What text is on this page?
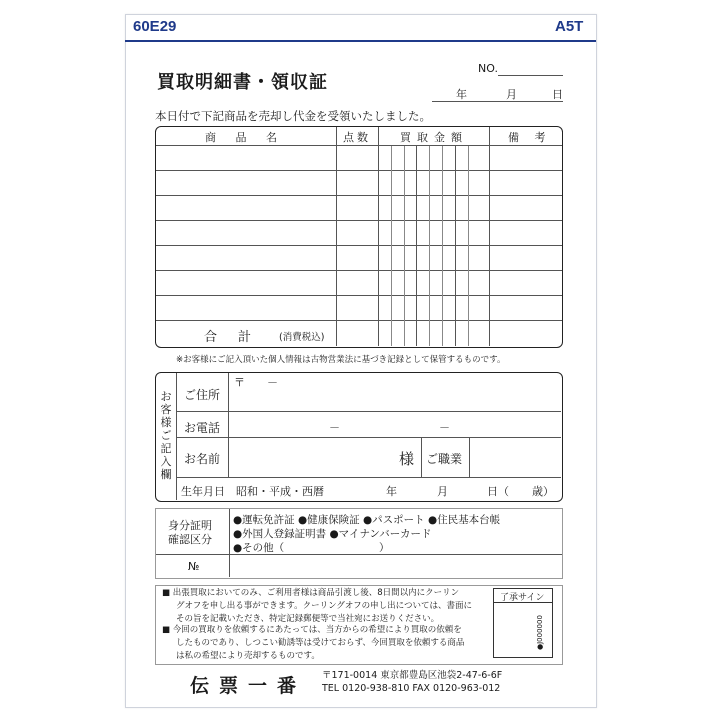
60E29	A5T
買取明細書・領収証
NO.
年	月	日
本日付で下記商品を売却し代金を受領いたしました。
商 品 名	点数	買取金額	備 考
合　計	(消費税込)
※お客様にご記入頂いた個人情報は古物営業法に基づき記録として保管するものです。
お客様ご記入欄
ご住所
〒　　－
お電話	－	－
お名前	様 ご職業
生年月日 昭和・平成・西暦	年	月	日（ 歳）
身分証明
確認区分
●運転免許証 ●健康保険証 ●パスポート ●住民基本台帳
●外国人登録証明書 ●マイナンバーカード
●その他（	）
№
■ 出張買取においてのみ、ご利用者様は商品引渡し後、8日間以内にクーリン
グオフを申し出る事ができます。クーリングオフの申し出については、書面に
その旨を記載いただき、特定記録郵便等で当社宛にお送りください。
■ 今回の買取りを依頼するにあたっては、当方からの希望により買取の依頼を
したものであり、しつこい勧誘等は受けておらず、今回買取を依頼する商品
は私の希望により売却するものです。
了承サイン
●J000000
伝票一番 〒171-0014 東京都豊島区池袋2-47-6-6F
TEL 0120-938-810 FAX 0120-963-012
